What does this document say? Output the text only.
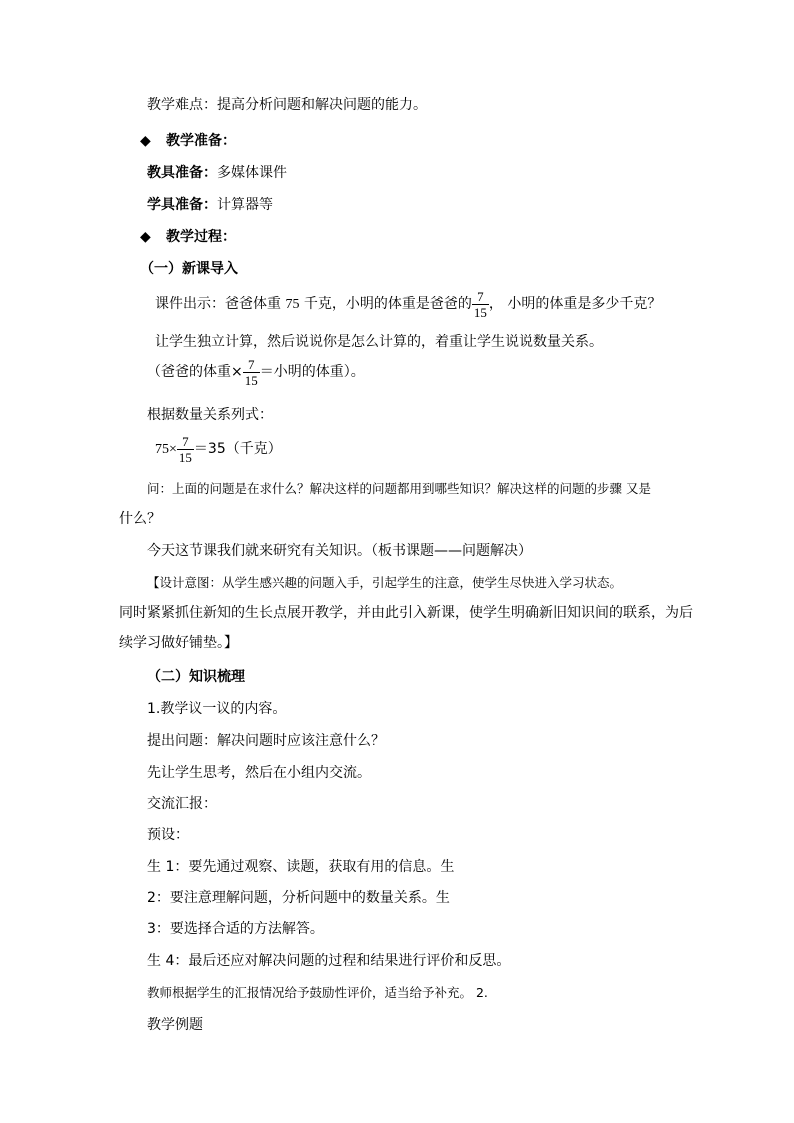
教学难点：提高分析问题和解决问题的能力。
◆ 教学准备：
教具准备：多媒体课件
学具准备：计算器等
◆ 教学过程：
（一）新课导入
课件出示：爸爸体重 75 千克，小明的体重是爸爸的 $\frac{7}{15}$ ， 小明的体重是多少千克？
让学生独立计算，然后说说你是怎么计算的，着重让学生说说数量关系。
（爸爸的体重× $\frac{7}{15}$ ＝小明的体重）。
根据数量关系列式：
$75\times \frac{7}{15} =35$（千克）
问：上面的问题是在求什么？解决这样的问题都用到哪些知识？解决这样的问题的步骤 又是
什么？
今天这节课我们就来研究有关知识。（板书课题——问题解决）
【设计意图：从学生感兴趣的问题入手，引起学生的注意，使学生尽快进入学习状态。
同时紧紧抓住新知的生长点展开教学，并由此引入新课，使学生明确新旧知识间的联系，为后
续学习做好铺垫。】
（二）知识梳理
1.教学议一议的内容。
提出问题：解决问题时应该注意什么？
先让学生思考，然后在小组内交流。
交流汇报：
预设：
生 1：要先通过观察、读题，获取有用的信息。生
2：要注意理解问题，分析问题中的数量关系。生
3：要选择合适的方法解答。
生 4：最后还应对解决问题的过程和结果进行评价和反思。
教师根据学生的汇报情况给予鼓励性评价，适当给予补充。 2.
教学例题
